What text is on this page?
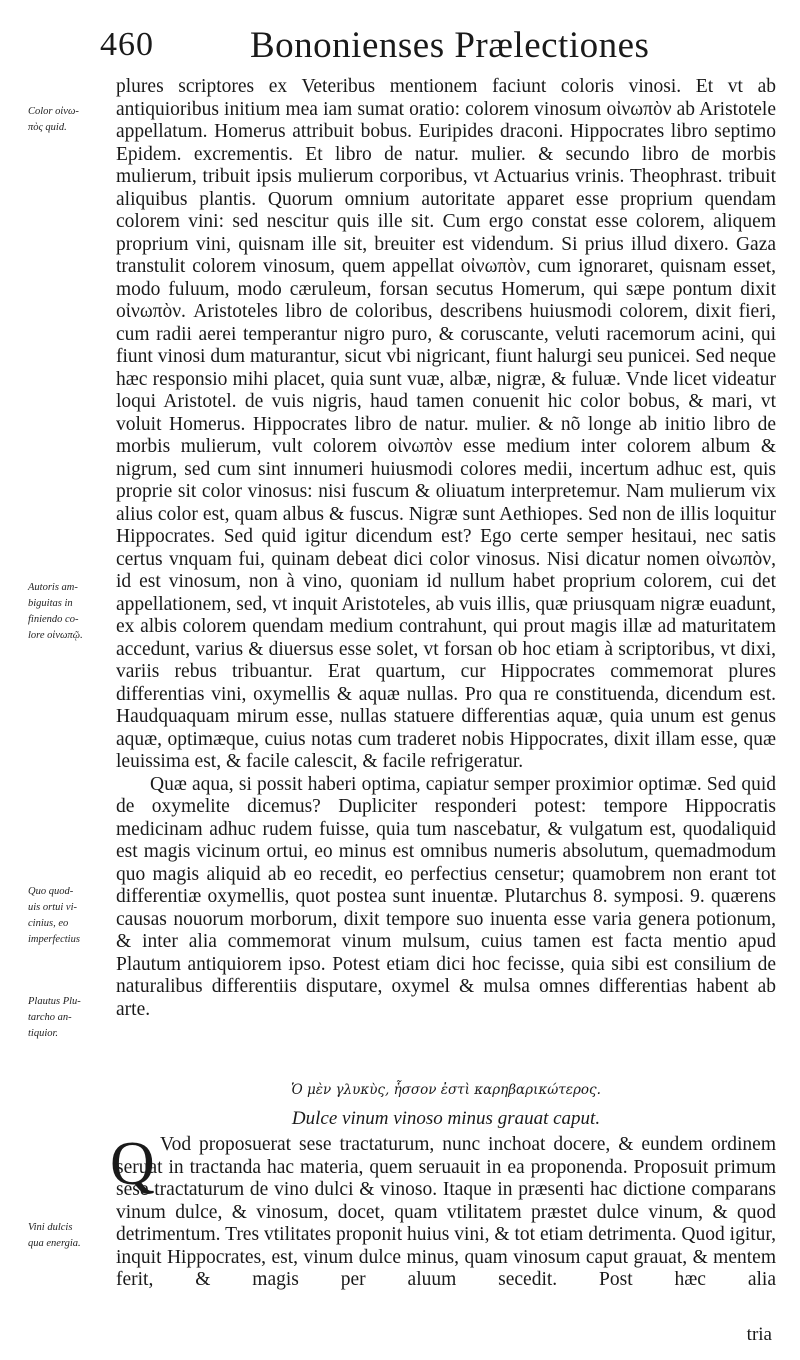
460	Bononienses Prælectiones
Color οἰνω-
πὸς quid.
Autoris am-
biguitas in
finiendo co-
lore οἰνωπῷ.
Quo quod-
uis ortui vi-
cinius, eo
imperfectius
Plautus Plu-
tarcho an-
tiquior.
Vini dulcis
qua energia.

plures scriptores ex Veteribus mentionem faciunt coloris vinosi. Et vt ab antiquioribus initium mea iam sumat oratio: colorem vinosum οἰνωπὸν ab Aristotele appellatum. Homerus attribuit bobus. Euripides draconi. Hippocrates libro septimo Epidem. excrementis. Et libro de natur. mulier. & secundo libro de morbis mulierum, tribuit ipsis mulierum corporibus, vt Actuarius vrinis. Theophrast. tribuit aliquibus plantis. Quorum omnium autoritate apparet esse proprium quendam colorem vini: sed nescitur quis ille sit. Cum ergo constat esse colorem, aliquem proprium vini, quisnam ille sit, breuiter est videndum. Si prius illud dixero. Gaza transtulit colorem vinosum, quem appellat οἰνωπὸν, cum ignoraret, quisnam esset, modo fuluum, modo cæruleum, forsan secutus Homerum, qui sæpe pontum dixit οἰνωπὸν. Aristoteles libro de coloribus, describens huiusmodi colorem, dixit fieri, cum radii aerei temperantur nigro puro, & coruscante, veluti racemorum acini, qui fiunt vinosi dum maturantur, sicut vbi nigricant, fiunt halurgi seu punicei. Sed neque hæc responsio mihi placet, quia sunt vuæ, albæ, nigræ, & fuluæ. Vnde licet videatur loqui Aristotel. de vuis nigris, haud tamen conuenit hic color bobus, & mari, vt voluit Homerus. Hippocrates libro de natur. mulier. & nõ longe ab initio libro de morbis mulierum, vult colorem οἰνωπὸν esse medium inter colorem album & nigrum, sed cum sint innumeri huiusmodi colores medii, incertum adhuc est, quis proprie sit color vinosus: nisi fuscum & oliuatum interpretemur. Nam mulierum vix alius color est, quam albus & fuscus. Nigræ sunt Aethiopes. Sed non de illis loquitur Hippocrates. Sed quid igitur dicendum est? Ego certe semper hesitaui, nec satis certus vnquam fui, quinam debeat dici color vinosus. Nisi dicatur nomen οἰνωπὸν, id est vinosum, non à vino, quoniam id nullum habet proprium colorem, cui det appellationem, sed, vt inquit Aristoteles, ab vuis illis, quæ priusquam nigræ euadunt, ex albis colorem quendam medium contrahunt, qui prout magis illæ ad maturitatem accedunt, varius & diuersus esse solet, vt forsan ob hoc etiam à scriptoribus, vt dixi, variis rebus tribuantur. Erat quartum, cur Hippocrates commemorat plures differentias vini, oxymellis & aquæ nullas. Pro qua re constituenda, dicendum est. Haudquaquam mirum esse, nullas statuere differentias aquæ, quia unum est genus aquæ, optimæque, cuius notas cum traderet nobis Hippocrates, dixit illam esse, quæ leuissima est, & facile calescit, & facile refrigeratur.

Quæ aqua, si possit haberi optima, capiatur semper proximior optimæ. Sed quid de oxymelite dicemus? Dupliciter responderi potest: tempore Hippocratis medicinam adhuc rudem fuisse, quia tum nascebatur, & vulgatum est, quodaliquid est magis vicinum ortui, eo minus est omnibus numeris absolutum, quemadmodum quo magis aliquid ab eo recedit, eo perfectius censetur; quamobrem non erant tot differentiæ oxymellis, quot postea sunt inuentæ. Plutarchus 8. symposi. 9. quærens causas nouorum morborum, dixit tempore suo inuenta esse varia genera potionum, & inter alia commemorat vinum mulsum, cuius tamen est facta mentio apud Plautum antiquiorem ipso. Potest etiam dici hoc fecisse, quia sibi est consilium de naturalibus differentiis disputare, oxymel & mulsa omnes differentias habent ab arte.

Ὁ μὲν γλυκὺς, ἧσσον ἐστὶ καρηβαρικώτερος.
Dulce vinum vinoso minus grauat caput.
Q Vod proposuerat sese tractaturum, nunc inchoat docere, & eundem ordinem seruat in tractanda hac materia, quem seruauit in ea proponenda. Proposuit primum sese tractaturum de vino dulci & vinoso. Itaque in præsenti hac dictione comparans vinum dulce, & vinosum, docet, quam vtilitatem præstet dulce vinum, & quod detrimentum. Tres vtilitates proponit huius vini, & tot etiam detrimenta. Quod igitur, inquit Hippocrates, est, vinum dulce minus, quam vinosum caput grauat, & mentem ferit, & magis per aluum secedit. Post hæc alia

tria
